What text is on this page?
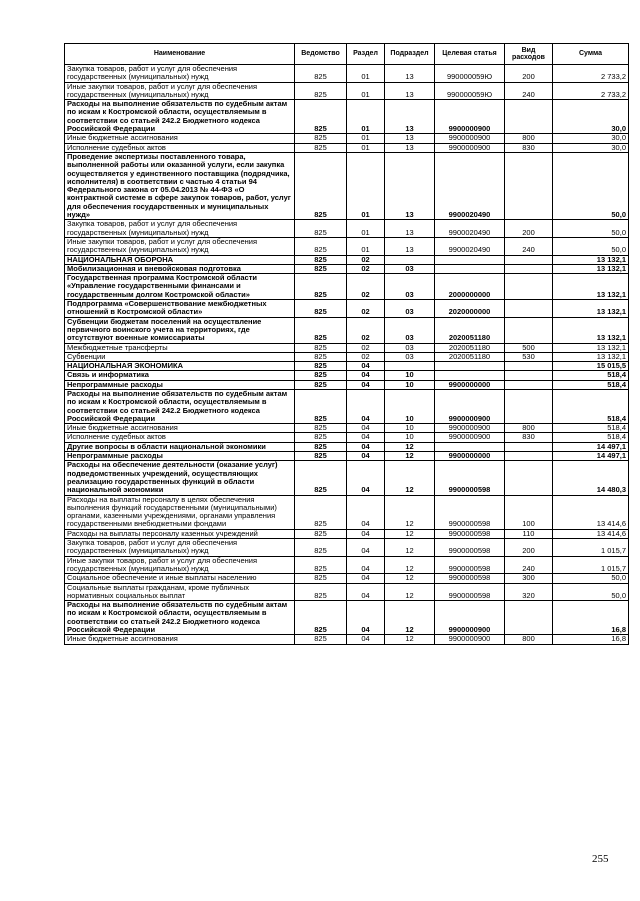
Наименование	Ведомство	Раздел	Подраздел	Целевая статья	Вид расходов	Сумма
Закупка товаров, работ и услуг для обеспечения государственных (муниципальных) нужд	825	01	13	990000059Ю	200	2 733,2
Иные закупки товаров, работ и услуг для обеспечения государственных (муниципальных) нужд	825	01	13	990000059Ю	240	2 733,2
Расходы на выполнение обязательств по судебным актам по искам к Костромской области, осуществляемым в соответствии со статьей 242.2 Бюджетного кодекса Российской Федерации	825	01	13	9900000900		30,0
Иные бюджетные ассигнования	825	01	13	9900000900	800	30,0
Исполнение судебных актов	825	01	13	9900000900	830	30,0
Проведение экспертизы поставленного товара, выполненной работы или оказанной услуги, если закупка осуществляется у единственного поставщика (подрядчика, исполнителя) в соответствии с частью 4 статьи 94 Федерального закона от 05.04.2013 № 44-ФЗ «О контрактной системе в сфере закупок товаров, работ, услуг для обеспечения государственных и муниципальных нужд»	825	01	13	9900020490		50,0
Закупка товаров, работ и услуг для обеспечения государственных (муниципальных) нужд	825	01	13	9900020490	200	50,0
Иные закупки товаров, работ и услуг для обеспечения государственных (муниципальных) нужд	825	01	13	9900020490	240	50,0
НАЦИОНАЛЬНАЯ ОБОРОНА	825	02				13 132,1
Мобилизационная и вневойсковая подготовка	825	02	03			13 132,1
Государственная программа Костромской области «Управление государственными финансами и государственным долгом Костромской области»	825	02	03	2000000000		13 132,1
Подпрограмма «Совершенствование межбюджетных отношений в Костромской области»	825	02	03	2020000000		13 132,1
Субвенции бюджетам поселений на осуществление первичного воинского учета на территориях, где отсутствуют военные комиссариаты	825	02	03	2020051180		13 132,1
Межбюджетные трансферты	825	02	03	2020051180	500	13 132,1
Субвенции	825	02	03	2020051180	530	13 132,1
НАЦИОНАЛЬНАЯ ЭКОНОМИКА	825	04				15 015,5
Связь и информатика	825	04	10			518,4
Непрограммные расходы	825	04	10	9900000000		518,4
Расходы на выполнение обязательств по судебным актам по искам к Костромской области, осуществляемым в соответствии со статьей 242.2 Бюджетного кодекса Российской Федерации	825	04	10	9900000900		518,4
Иные бюджетные ассигнования	825	04	10	9900000900	800	518,4
Исполнение судебных актов	825	04	10	9900000900	830	518,4
Другие вопросы в области национальной экономики	825	04	12			14 497,1
Непрограммные расходы	825	04	12	9900000000		14 497,1
Расходы на обеспечение деятельности (оказание услуг) подведомственных учреждений, осуществляющих реализацию государственных функций в области национальной экономики	825	04	12	9900000598		14 480,3
Расходы на выплаты персоналу в целях обеспечения выполнения функций государственными (муниципальными) органами, казенными учреждениями, органами управления государственными внебюджетными фондами	825	04	12	9900000598	100	13 414,6
Расходы на выплаты персоналу казенных учреждений	825	04	12	9900000598	110	13 414,6
Закупка товаров, работ и услуг для обеспечения государственных (муниципальных) нужд	825	04	12	9900000598	200	1 015,7
Иные закупки товаров, работ и услуг для обеспечения государственных (муниципальных) нужд	825	04	12	9900000598	240	1 015,7
Социальное обеспечение и иные выплаты населению	825	04	12	9900000598	300	50,0
Социальные выплаты гражданам, кроме публичных нормативных социальных выплат	825	04	12	9900000598	320	50,0
Расходы на выполнение обязательств по судебным актам по искам к Костромской области, осуществляемым в соответствии со статьей 242.2 Бюджетного кодекса Российской Федерации	825	04	12	9900000900		16,8
Иные бюджетные ассигнования	825	04	12	9900000900	800	16,8
255
